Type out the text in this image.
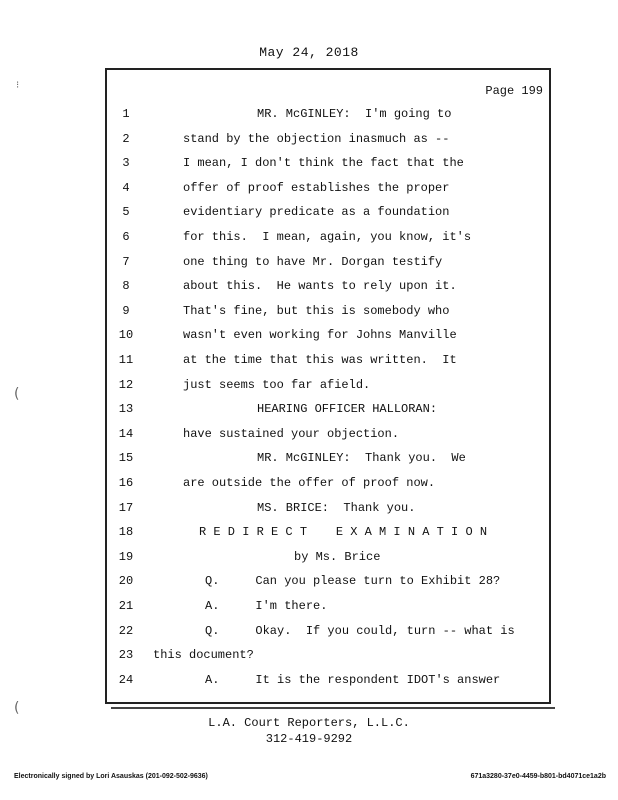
May 24, 2018
Page 199
1	MR. McGINLEY:  I'm going to
2	stand by the objection inasmuch as --
3	I mean, I don't think the fact that the
4	offer of proof establishes the proper
5	evidentiary predicate as a foundation
6	for this.  I mean, again, you know, it's
7	one thing to have Mr. Dorgan testify
8	about this.  He wants to rely upon it.
9	That's fine, but this is somebody who
10	wasn't even working for Johns Manville
11	at the time that this was written.  It
12	just seems too far afield.
13	HEARING OFFICER HALLORAN:
14	have sustained your objection.
15	MR. McGINLEY:  Thank you.  We
16	are outside the offer of proof now.
17	MS. BRICE:  Thank you.
18	R E D I R E C T    E X A M I N A T I O N
19	by Ms. Brice
20	Q.     Can you please turn to Exhibit 28?
21	A.     I'm there.
22	Q.     Okay.  If you could, turn -- what is
23	this document?
24	A.     It is the respondent IDOT's answer
L.A. Court Reporters, L.L.C.
312-419-9292
Electronically signed by Lori Asauskas (201-092-502-9636)	671a3280-37e0-4459-b801-bd4071ce1a2b
⁝
(
(
